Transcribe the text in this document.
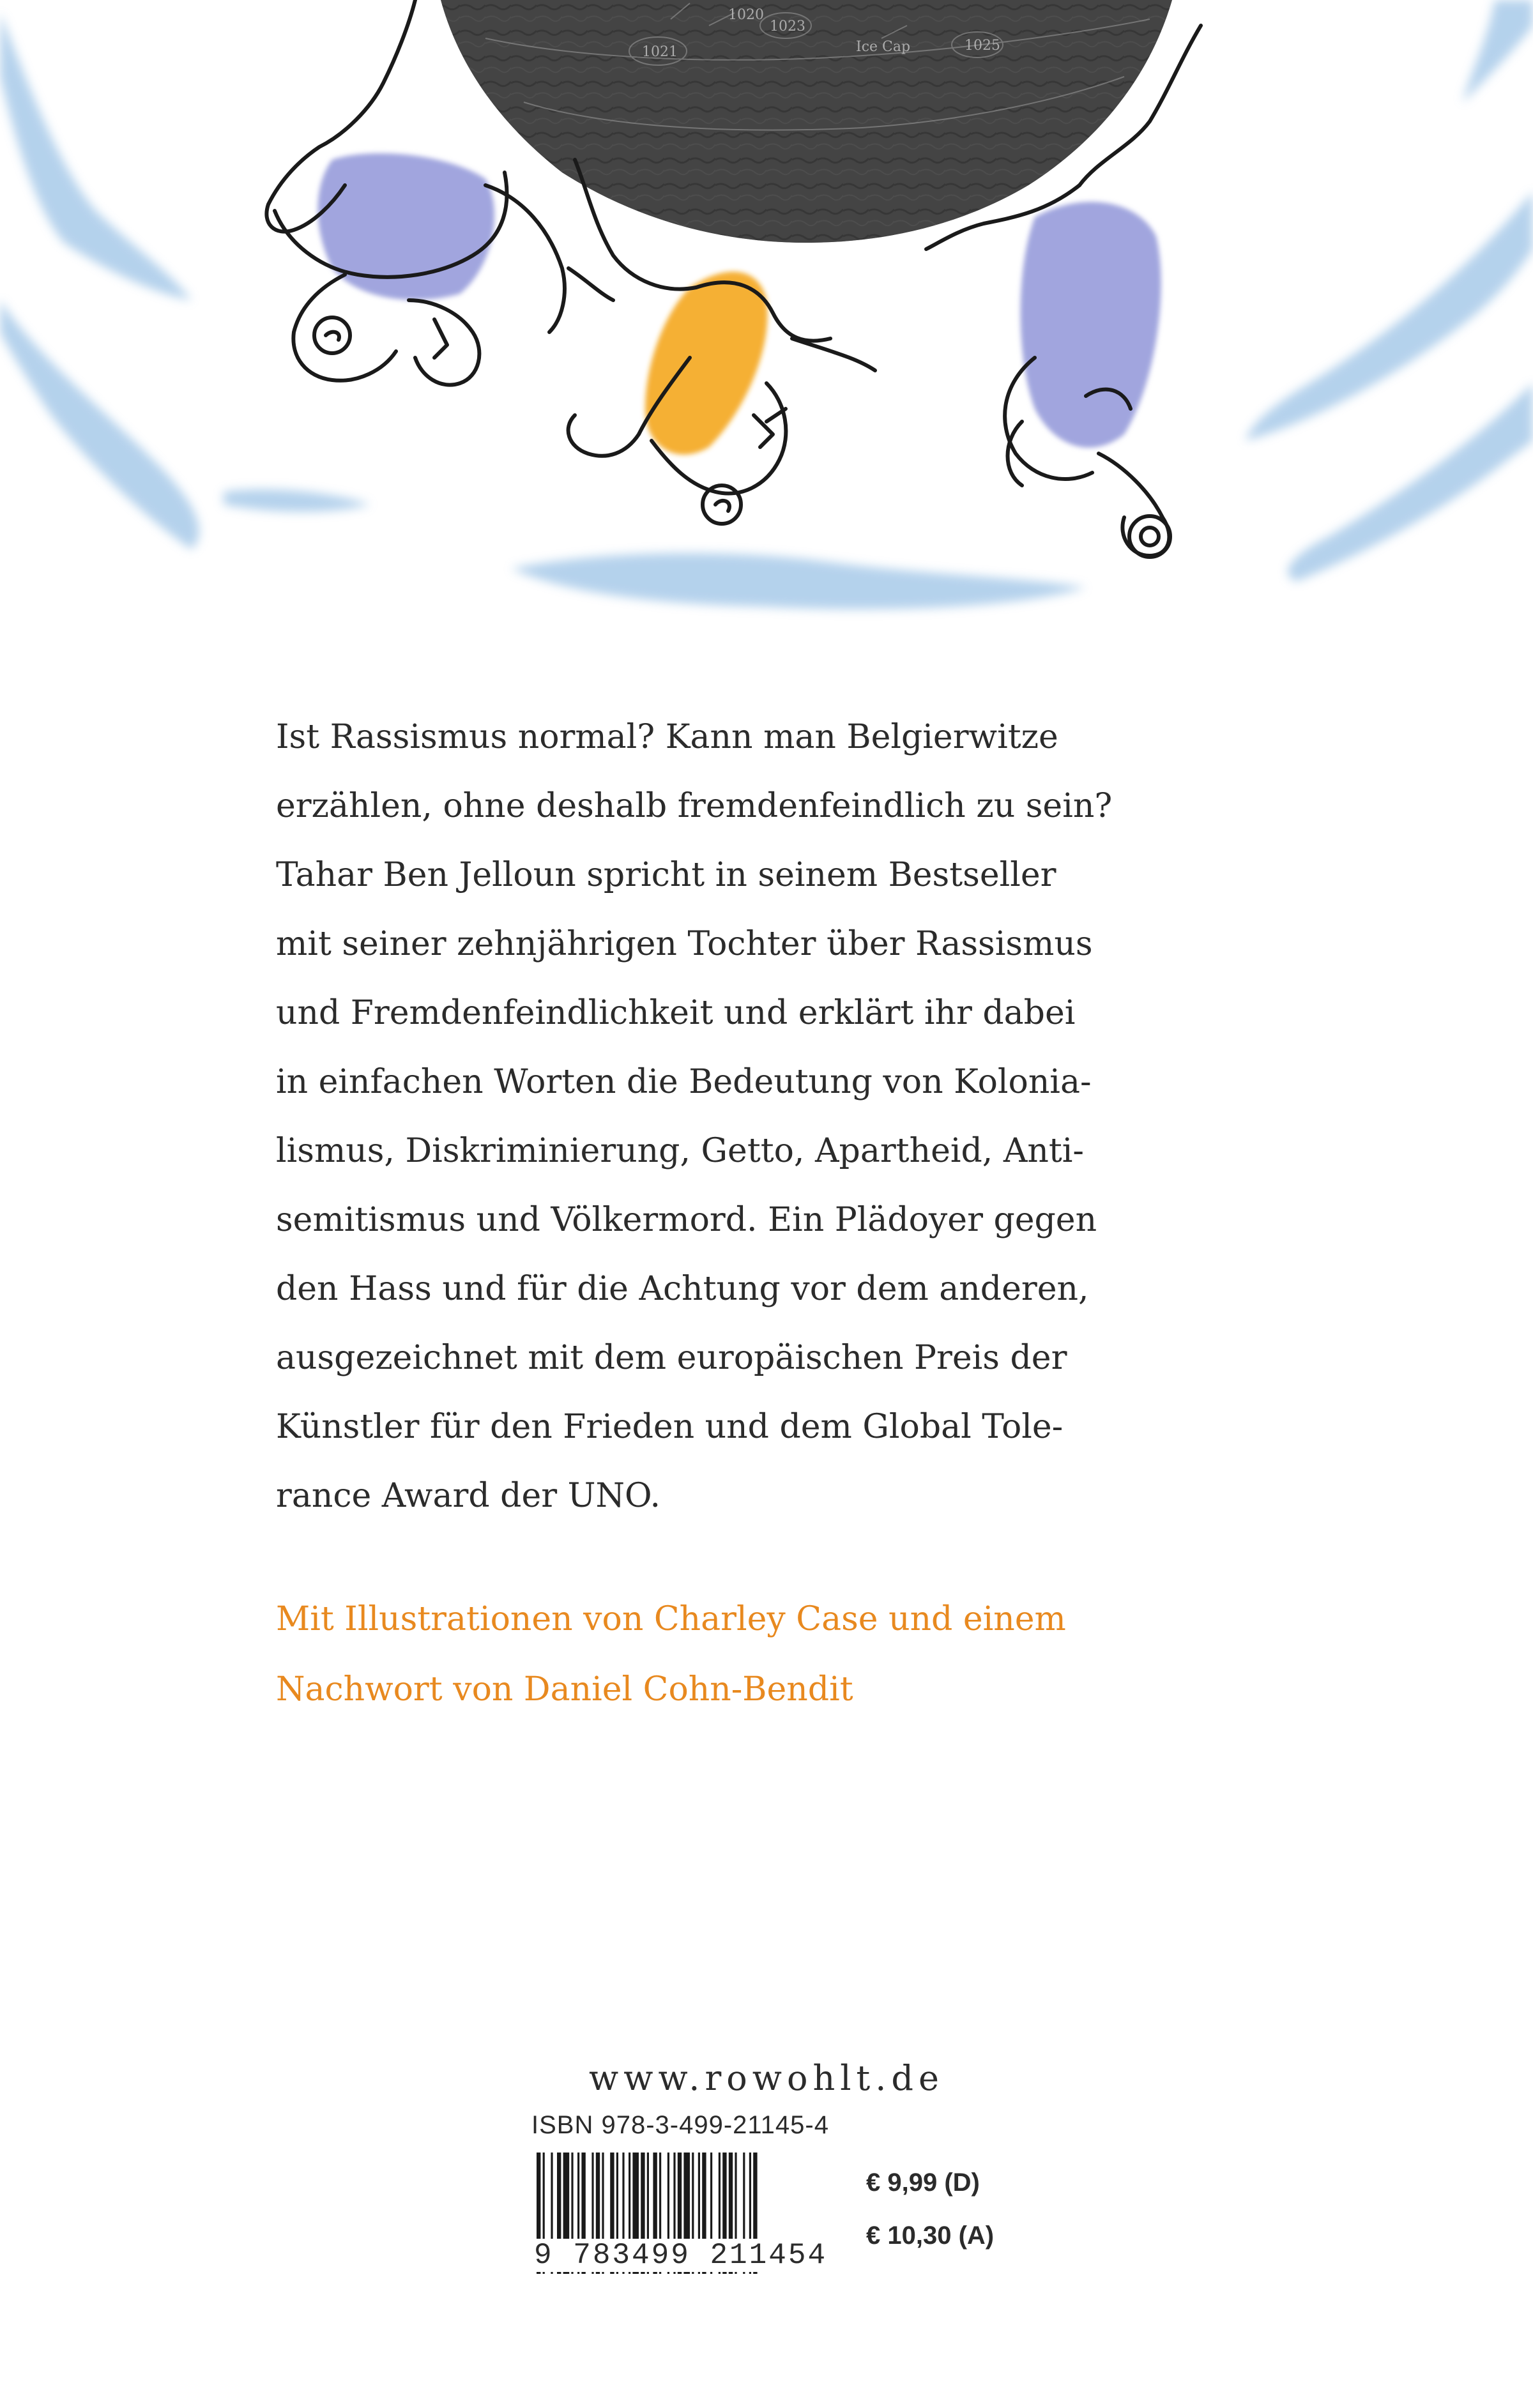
1021
1023
Ice Cap	1025
1020
Ist Rassismus normal? Kann man Belgierwitze
erzählen, ohne deshalb fremdenfeindlich zu sein?
Tahar Ben Jelloun spricht in seinem Bestseller
mit seiner zehnjährigen Tochter über Rassismus
und Fremdenfeindlichkeit und erklärt ihr dabei
in einfachen Worten die Bedeutung von Kolonia-
lismus, Diskriminierung, Getto, Apartheid, Anti-
semitismus und Völkermord. Ein Plädoyer gegen
den Hass und für die Achtung vor dem anderen,
ausgezeichnet mit dem europäischen Preis der
Künstler für den Frieden und dem Global Tole-
rance Award der UNO.
Mit Illustrationen von Charley Case und einem
Nachwort von Daniel Cohn-Bendit
www.rowohlt.de
ISBN 978-3-499-21145-4
9 783499 211454
€ 9,99 (D)
€ 10,30 (A)
